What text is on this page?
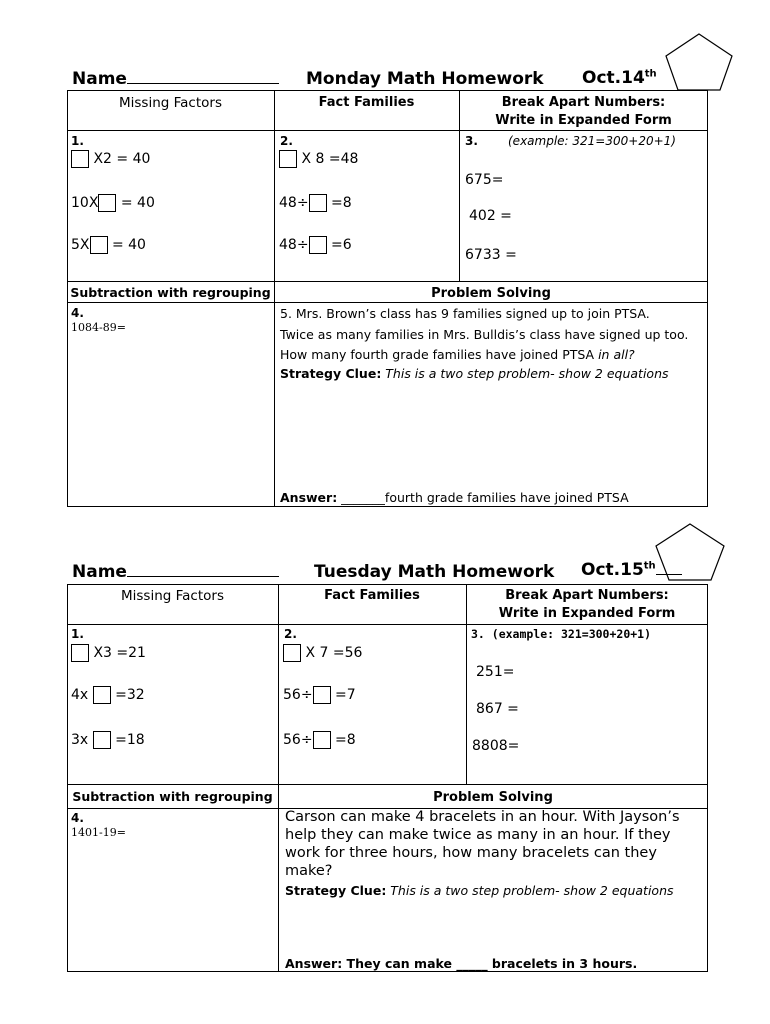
Name	Monday Math Homework Oct.14th
Missing Factors	Fact Families	Break Apart Numbers:
Write in Expanded Form
1.
X2 = 40
10X = 40
5X = 40
2.
X 8 =48
48÷ =8
48÷ =6
3.	(example: 321=300+20+1)
675=
402 =
6733 =
Subtraction with regrouping	Problem Solving
4.
1084-89=
5. Mrs. Brown’s class has 9 families signed up to join PTSA.
Twice as many families in Mrs. Bulldis’s class have signed up too.
How many fourth grade families have joined PTSA in all?
Strategy Clue: This is a two step problem- show 2 equations
Answer: _______fourth grade families have joined PTSA
Name	Tuesday Math Homework Oct.15th
Missing Factors	Fact Families	Break Apart Numbers:
Write in Expanded Form
1.
X3 =21
4x =32
3x =18
2.
X 7 =56
56÷ =7
56÷ =8
3. (example: 321=300+20+1)
251=
867 =
8808=
Subtraction with regrouping	Problem Solving
4.
1401-19=
Carson can make 4 bracelets in an hour. With Jayson’s
help they can make twice as many in an hour. If they
work for three hours, how many bracelets can they
make?
Strategy Clue: This is a two step problem- show 2 equations
Answer: They can make _____ bracelets in 3 hours.
